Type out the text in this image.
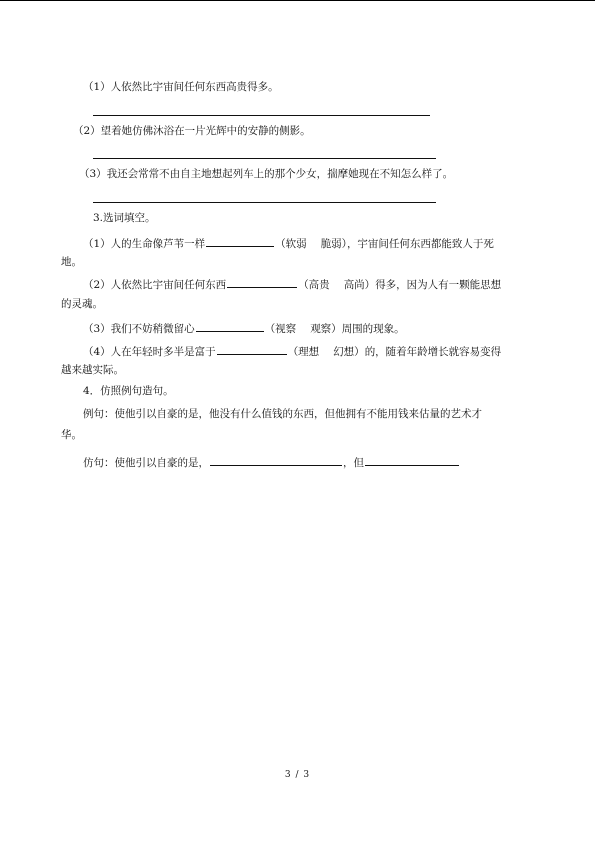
（1）人依然比宇宙间任何东西高贵得多。
（2）望着她仿佛沐浴在一片光辉中的安静的侧影。
（3）我还会常常不由自主地想起列车上的那个少女，揣摩她现在不知怎么样了。
3.选词填空。
（1）人的生命像芦苇一样	（软弱 脆弱），宇宙间任何东西都能致人于死
地。
（2）人依然比宇宙间任何东西	（高贵 高尚）得多，因为人有一颗能思想
的灵魂。
（3）我们不妨稍微留心	（视察 观察）周围的现象。
（4）人在年轻时多半是富于	（理想 幻想）的，随着年龄增长就容易变得
越来越实际。
4．仿照例句造句。
例句：使他引以自豪的是，他没有什么值钱的东西，但他拥有不能用钱来估量的艺术才
华。
仿句：使他引以自豪的是，	，但
3 / 3
